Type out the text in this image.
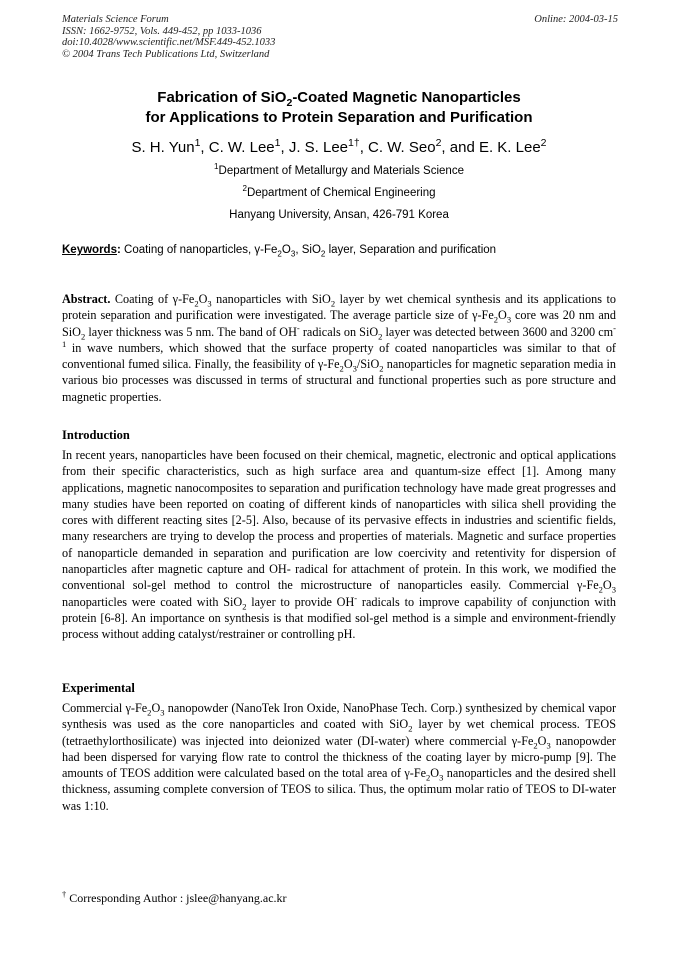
Materials Science Forum
ISSN: 1662-9752, Vols. 449-452, pp 1033-1036
doi:10.4028/www.scientific.net/MSF.449-452.1033
© 2004 Trans Tech Publications Ltd, Switzerland
Online: 2004-03-15
Fabrication of SiO$_2$-Coated Magnetic Nanoparticles
for Applications to Protein Separation and Purification
S. H. Yun$^1$, C. W. Lee$^1$, J. S. Lee$^{1\dagger}$, C. W. Seo$^2$, and E. K. Lee$^2$
$^1$Department of Metallurgy and Materials Science
$^2$Department of Chemical Engineering
Hanyang University, Ansan, 426-791 Korea
Keywords: Coating of nanoparticles, $\gamma-Fe_2O_3$, SiO$_2$ layer, Separation and purification
Abstract. Coating of $\gamma-Fe_2O_3$ nanoparticles with SiO$_2$ layer by wet chemical synthesis and its applications to protein separation and purification were investigated. The average particle size of $\gamma-Fe_2O_3$ core was 20 nm and SiO$_2$ layer thickness was 5 nm. The band of OH- radicals on SiO$_2$ layer was detected between 3600 and 3200 $cm^{-1}$ in wave numbers, which showed that the surface property of coated nanoparticles was similar to that of conventional fumed silica. Finally, the feasibility of $\gamma-Fe_2O_3/SiO_2$ nanoparticles for magnetic separation media in various bio processes was discussed in terms of structural and functional properties such as pore structure and magnetic properties.
Introduction
In recent years, nanoparticles have been focused on their chemical, magnetic, electronic and optical applications from their specific characteristics, such as high surface area and quantum-size effect [1]. Among many applications, magnetic nanocomposites to separation and purification technology have made great progresses and many studies have been reported on coating of different kinds of nanoparticles with silica shell providing the cores with different reacting sites [2-5]. Also, because of its pervasive effects in industries and scientific fields, many researchers are trying to develop the process and properties of materials. Magnetic and surface properties of nanoparticle demanded in separation and purification are low coercivity and retentivity for dispersion of nanoparticles after magnetic capture and OH- radical for attachment of protein. In this work, we modified the conventional sol-gel method to control the microstructure of nanoparticles easily. Commercial $\gamma-Fe_2O_3$ nanoparticles were coated with SiO$_2$ layer to provide OH- radicals to improve capability of conjunction with protein [6-8]. An importance on synthesis is that modified sol-gel method is a simple and environment-friendly process without adding catalyst/restrainer or controlling pH.
Experimental
Commercial $\gamma-Fe_2O_3$ nanopowder (NanoTek Iron Oxide, NanoPhase Tech. Corp.) synthesized by chemical vapor synthesis was used as the core nanoparticles and coated with SiO$_2$ layer by wet chemical process. TEOS (tetraethylorthosilicate) was injected into deionized water (DI-water) where commercial $\gamma-Fe_2O_3$ nanopowder had been dispersed for varying flow rate to control the thickness of the coating layer by micro-pump [9]. The amounts of TEOS addition were calculated based on the total area of $\gamma-Fe_2O_3$ nanoparticles and the desired shell thickness, assuming complete conversion of TEOS to silica. Thus, the optimum molar ratio of TEOS to DI-water was 1:10.
† Corresponding Author : jslee@hanyang.ac.kr
